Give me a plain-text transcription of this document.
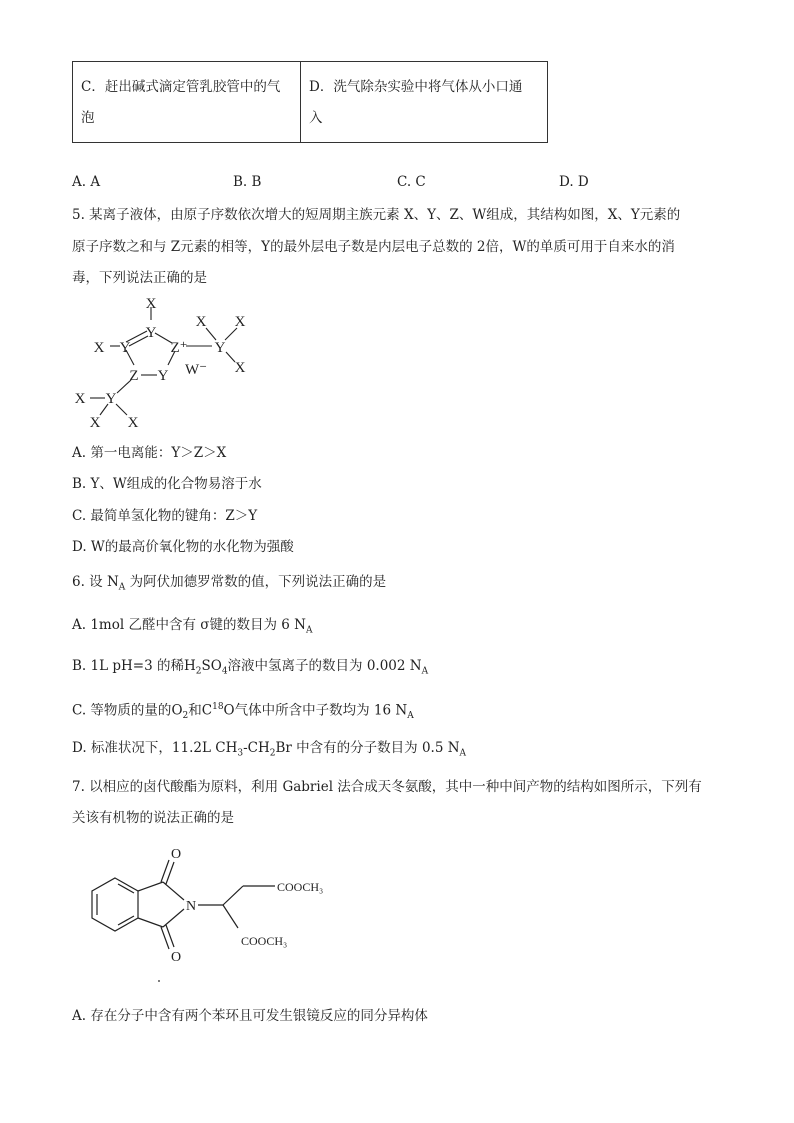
C．赶出碱式滴定管乳胶管中的气
泡

D．洗气除杂实验中将气体从小口通
入
A. A	B. B	C. C	D. D
5. 某离子液体，由原子序数依次增大的短周期主族元素 X、Y、Z、W组成，其结构如图，X、Y元素的
原子序数之和与 Z元素的相等，Y的最外层电子数是内层电子总数的 2倍，W的单质可用于自来水的消
毒，下列说法正确的是
X
Y
X Y	Z⁺ Y
X X
X
Z Y W⁻
Y
X
X X
A. 第一电离能：Y＞Z＞X
B. Y、W组成的化合物易溶于水
C. 最简单氢化物的键角：Z＞Y
D. W的最高价氧化物的水化物为强酸
6. 设 $N_A$ 为阿伏加德罗常数的值，下列说法正确的是
A. 1mol 乙醛中含有 σ键的数目为 6 $N_A$
B. 1L pH=3 的稀$H_2SO_4$溶液中氢离子的数目为 0.002 $N_A$
C. 等物质的量的$O_2$和$C^{18}O$气体中所含中子数均为 16 $N_A$
D. 标准状况下，11.2L $CH_3-CH_2Br$ 中含有的分子数目为 0.5 $N_A$
7. 以相应的卤代酸酯为原料，利用 Gabriel 法合成天冬氨酸，其中一种中间产物的结构如图所示，下列有
关该有机物的说法正确的是
O
O
N
COOCH₃
COOCH₃
A. 存在分子中含有两个苯环且可发生银镜反应的同分异构体
